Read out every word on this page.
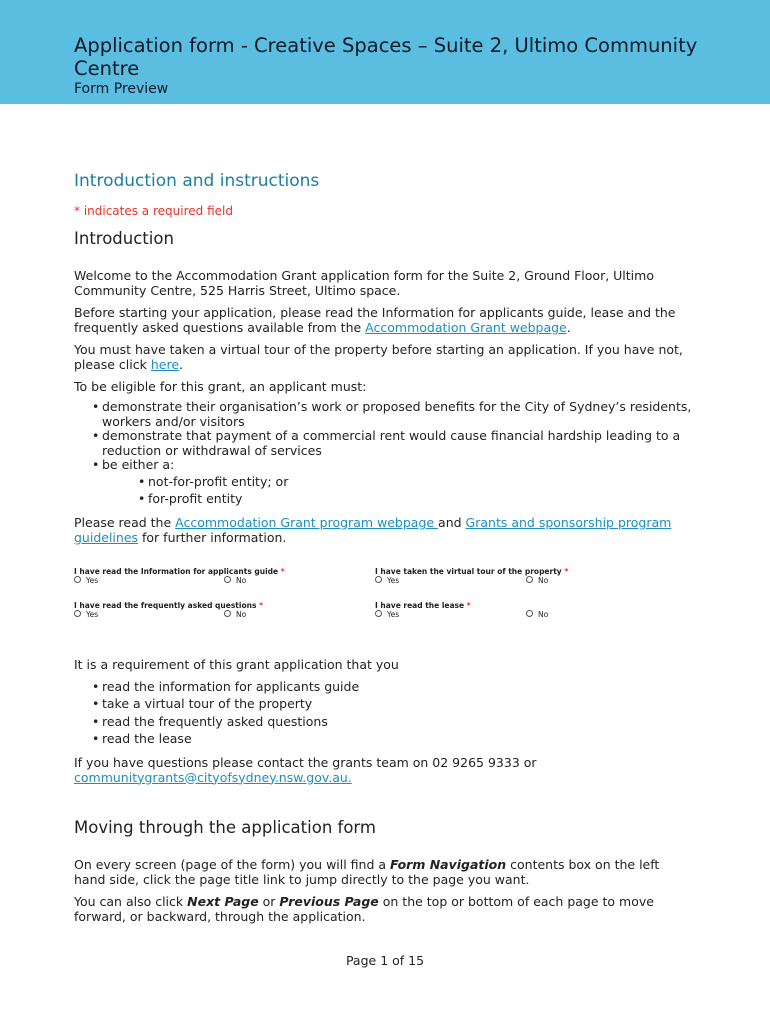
Application form - Creative Spaces – Suite 2, Ultimo Community Centre
Form Preview
Introduction and instructions
* indicates a required field
Introduction

Welcome to the Accommodation Grant application form for the Suite 2, Ground Floor, Ultimo Community Centre, 525 Harris Street, Ultimo space.

Before starting your application, please read the Information for applicants guide, lease and the frequently asked questions available from the Accommodation Grant webpage.

You must have taken a virtual tour of the property before starting an application. If you have not, please click here.

To be eligible for this grant, an applicant must:

• demonstrate their organisation’s work or proposed benefits for the City of Sydney’s residents, workers and/or visitors
• demonstrate that payment of a commercial rent would cause financial hardship leading to a reduction or withdrawal of services
• be either a:
• not-for-profit entity; or
• for-profit entity

Please read the Accommodation Grant program webpage and Grants and sponsorship program guidelines for further information.

I have read the Information for applicants guide *
Yes	No
I have taken the virtual tour of the property *
Yes	No
I have read the frequently asked questions *
Yes	No
I have read the lease *
Yes	No

It is a requirement of this grant application that you

• read the information for applicants guide
• take a virtual tour of the property
• read the frequently asked questions
• read the lease

If you have questions please contact the grants team on 02 9265 9333 or communitygrants@cityofsydney.nsw.gov.au.

Moving through the application form

On every screen (page of the form) you will find a Form Navigation contents box on the left hand side, click the page title link to jump directly to the page you want.

You can also click Next Page or Previous Page on the top or bottom of each page to move forward, or backward, through the application.

Page 1 of 15
